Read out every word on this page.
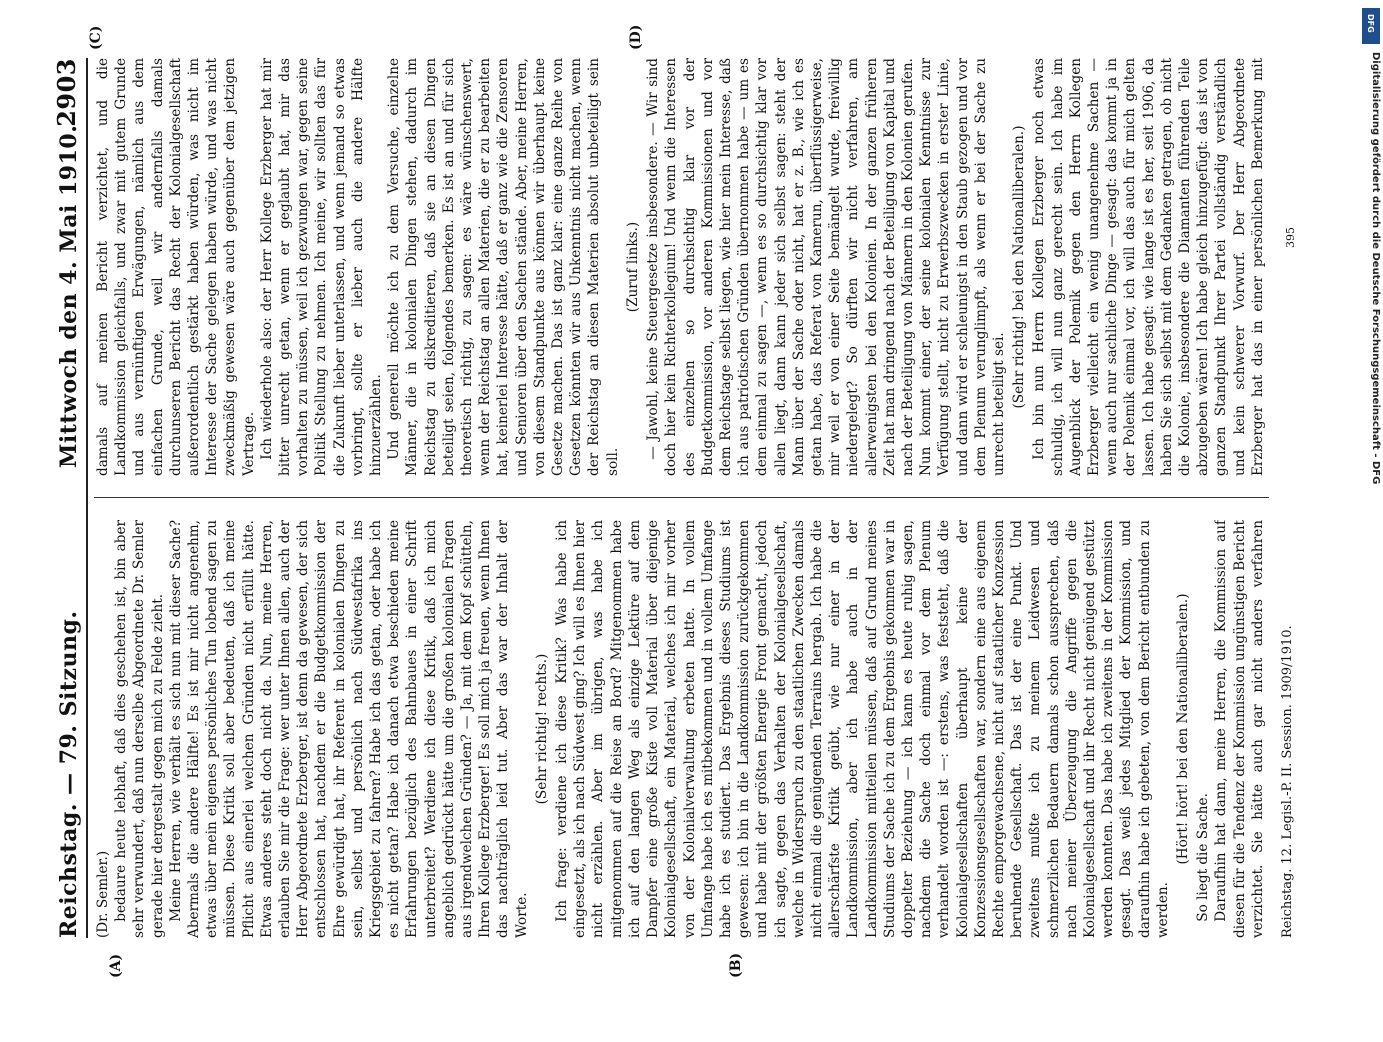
Reichstag. — 79. Sitzung.
Mittwoch den 4. Mai 1910.
2903
(A)	(B)
(C)	(D)

(Dr. Semler.) bedaure heute lebhaft, daß dies geschehen ist, bin aber sehr verwundert, daß nun derselbe Abgeordnete Dr. Semler gerade hier dergestalt gegen mich zu Felde zieht. Meine Herren, wie verhält es sich nun mit dieser Sache? Abermals die andere Hälfte! Es ist mir nicht angenehm, etwas über mein eigenes persönliches Tun lobend sagen zu müssen. Diese Kritik soll aber bedeuten, daß ich meine Pflicht aus einerlei welchen Gründen nicht erfüllt hätte. Etwas anderes steht doch nicht da. Nun, meine Herren, erlauben Sie mir die Frage: wer unter Ihnen allen, auch der Herr Abgeordnete Erzberger, ist denn da gewesen, der sich entschlossen hat, nachdem er die Budgetkommission der Ehre gewürdigt hat, ihr Referent in kolonialen Dingen zu sein, selbst und persönlich nach Südwestafrika ins Kriegsgebiet zu fahren? Habe ich das getan, oder habe ich es nicht getan? Habe ich danach etwa beschieden meine Erfahrungen bezüglich des Bahnbaues in einer Schrift unterbreitet? Werdiene ich diese Kritik, daß ich mich angeblich gedrückt hätte um die großen kolonialen Fragen aus irgendwelchen Gründen? — Ja, mit dem Kopf schütteln, Ihren Kollege Erzberger! Es soll mich ja freuen, wenn Ihnen das nachträglich leid tut. Aber das war der Inhalt der Worte.

(Sehr richtig! rechts.) Ich frage: verdiene ich diese Kritik? Was habe ich eingesetzt, als ich nach Südwest ging? Ich will es Ihnen hier nicht erzählen. Aber im übrigen, was habe ich mitgenommen auf die Reise an Bord? Mitgenommen habe ich auf den langen Weg als einzige Lektüre auf dem Dampfer eine große Kiste voll Material über diejenige Kolonialgesellschaft, ein Material, welches ich mir vorher von der Kolonialverwaltung erbeten hatte. In vollem Umfange habe ich es mitbekommen und in vollem Umfange habe ich es studiert. Das Ergebnis dieses Studiums ist gewesen: ich bin in die Landkommission zurückgekommen und habe mit der größten Energie Front gemacht, jedoch ich sagte, gegen das Verhalten der Kolonialgesellschaft, welche in Widerspruch zu den staatlichen Zwecken damals nicht einmal die genügenden Terrains hergab. Ich habe die allerschärfste Kritik geübt, wie nur einer in der Landkommission, aber ich habe auch in der Landkommission mitteilen müssen, daß auf Grund meines Studiums der Sache ich zu dem Ergebnis gekommen war in doppelter Beziehung — ich kann es heute ruhig sagen, nachdem die Sache doch einmal vor dem Plenum verhandelt worden ist —: erstens, was feststeht, daß die Kolonialgesellschaften überhaupt keine der Konzessionsgesellschaften war, sondern eine aus eigenem Rechte emporgewachsene, nicht auf staatlicher Konzession beruhende Gesellschaft. Das ist der eine Punkt. Und zweitens mußte ich zu meinem Leidwesen und schmerzlichen Bedauern damals schon aussprechen, daß nach meiner Überzeugung die Angriffe gegen die Kolonialgesellschaft und ihr Recht nicht genügend gestützt werden konnten. Das habe ich zweitens in der Kommission gesagt. Das weiß jedes Mitglied der Kommission, und daraufhin habe ich gebeten, von dem Bericht entbunden zu werden.

(Hört! hört! bei den Nationalliberalen.) So liegt die Sache. Daraufhin hat dann, meine Herren, die Kommission auf diesen für die Tendenz der Kommission ungünstigen Bericht verzichtet. Sie hätte auch gar nicht anders verfahren

damals auf meinen Bericht verzichtet, und die Landkommission gleichfalls, und zwar mit gutem Grunde und aus vernünftigen Erwägungen, nämlich aus dem einfachen Grunde, weil wir andernfalls damals durchunseren Bericht das Recht der Kolonialgesellschaft außerordentlich gestärkt haben würden, was nicht im Interesse der Sache gelegen haben würde, und was nicht zweckmäßig gewesen wäre auch gegenüber dem jetzigen Vertrage. Ich wiederhole also: der Herr Kollege Erzberger hat mir bitter unrecht getan, wenn er geglaubt hat, mir das vorhalten zu müssen, weil ich gezwungen war, gegen seine Politik Stellung zu nehmen. Ich meine, wir sollten das für die Zukunft lieber unterlassen, und wenn jemand so etwas vorbringt, sollte er lieber auch die andere Hälfte hinzuerzählen. Und generell möchte ich zu dem Versuche, einzelne Männer, die in kolonialen Dingen stehen, dadurch im Reichstag zu diskreditieren, daß sie an diesen Dingen beteiligt seien, folgendes bemerken. Es ist an und für sich theoretisch richtig, zu sagen: es wäre wünschenswert, wenn der Reichstag an allen Materien, die er zu bearbeiten hat, keinerlei Interesse hätte, daß er ganz wie die Zensoren und Senioren über den Sachen stände. Aber, meine Herren, von diesem Standpunkte aus können wir überhaupt keine Gesetze machen. Das ist ganz klar: eine ganze Reihe von Gesetzen könnten wir aus Unkenntnis nicht machen, wenn der Reichstag an diesen Materien absolut unbeteiligt sein soll.

(Zuruf links.) — Jawohl, keine Steuergesetze insbesondere. — Wir sind doch hier kein Richterkollegium! Und wenn die Interessen des einzelnen so durchsichtig klar vor der Budgetkommission, vor anderen Kommissionen und vor dem Reichstage selbst liegen, wie hier mein Interesse, daß ich aus patriotischen Gründen übernommen habe — um es dem einmal zu sagen —, wenn es so durchsichtig klar vor allen liegt, dann kann jeder sich selbst sagen: steht der Mann über der Sache oder nicht, hat er z. B., wie ich es getan habe, das Referat von Kamerun, überflüssigerweise, mir weil er von einer Seite bemängelt wurde, freiwillig niedergelegt? So dürften wir nicht verfahren, am allerwenigsten bei den Kolonien. In der ganzen früheren Zeit hat man dringend nach der Beteiligung von Kapital und nach der Beteiligung von Männern in den Kolonien gerufen. Nun kommt einer, der seine kolonialen Kenntnisse zur Verfügung stellt, nicht zu Erwerbszwecken in erster Linie, und dann wird er schleunigst in den Staub gezogen und vor dem Plenum verunglimpft, als wenn er bei der Sache zu unrecht beteiligt sei. (Sehr richtig! bei den Nationalliberalen.)

Ich bin nun Herrn Kollegen Erzberger noch etwas schuldig, ich will nun ganz gerecht sein. Ich habe im Augenblick der Polemik gegen den Herrn Kollegen Erzberger vielleicht ein wenig unangenehme Sachen — wenn auch nur sachliche Dinge — gesagt: das kommt ja in der Polemik einmal vor, ich will das auch für mich gelten lassen. Ich habe gesagt: wie lange ist es her, seit 1906, da haben Sie sich selbst mit dem Gedanken getragen, ob nicht die Kolonie, insbesondere die Diamanten führenden Teile abzugeben wären! Ich habe gleich hinzugefügt: das ist von ganzen Standpunkt Ihrer Partei vollständig verständlich und kein schwerer Vorwurf. Der Herr Abgeordnete Erzberger hat das in einer persönlichen Bemerkung mit

Reichstag. 12. Legisl.-P. II. Session. 1909/1910.
395
DFG
Digitalisierung gefördert durch die Deutsche Forschungsgemeinschaft - DFG
